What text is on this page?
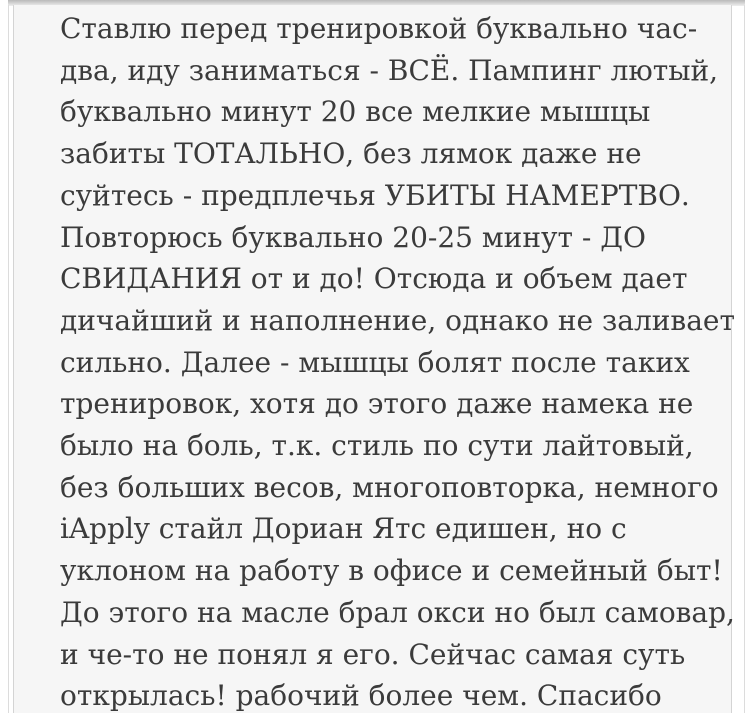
Ставлю перед тренировкой буквально час-
два, иду заниматься - ВСЁ. Пампинг лютый,
буквально минут 20 все мелкие мышцы
забиты ТОТАЛЬНО, без лямок даже не
суйтесь - предплечья УБИТЫ НАМЕРТВО.
Повторюсь буквально 20-25 минут - ДО
СВИДАНИЯ от и до! Отсюда и объем дает
дичайший и наполнение, однако не заливает
сильно. Далее - мышцы болят после таких
тренировок, хотя до этого даже намека не
было на боль, т.к. стиль по сути лайтовый,
без больших весов, многоповторка, немного
iApply стайл Дориан Ятс едишен, но с
уклоном на работу в офисе и семейный быт!
До этого на масле брал окси но был самовар,
и че-то не понял я его. Сейчас самая суть
открылась! рабочий более чем. Спасибо
